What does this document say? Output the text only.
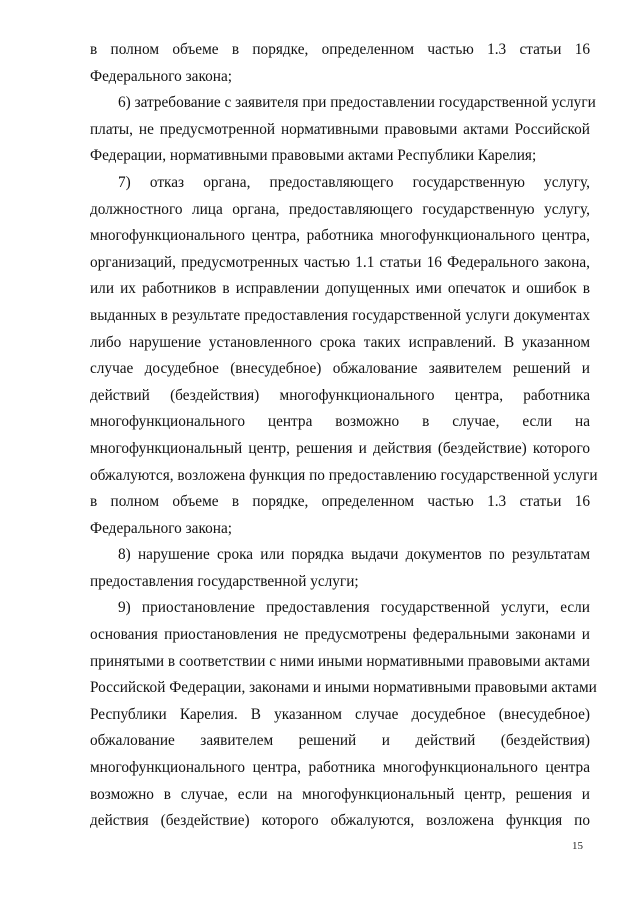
в полном объеме в порядке, определенном частью 1.3 статьи 16
Федерального закона;
6) затребование с заявителя при предоставлении государственной услуги
платы, не предусмотренной нормативными правовыми актами Российской
Федерации, нормативными правовыми актами Республики Карелия;
7) отказ органа, предоставляющего государственную услугу,
должностного лица органа, предоставляющего государственную услугу,
многофункционального центра, работника многофункционального центра,
организаций, предусмотренных частью 1.1 статьи 16 Федерального закона,
или их работников в исправлении допущенных ими опечаток и ошибок в
выданных в результате предоставления государственной услуги документах
либо нарушение установленного срока таких исправлений. В указанном
случае досудебное (внесудебное) обжалование заявителем решений и
действий (бездействия) многофункционального центра, работника
многофункционального центра возможно в случае, если на
многофункциональный центр, решения и действия (бездействие) которого
обжалуются, возложена функция по предоставлению государственной услуги
в полном объеме в порядке, определенном частью 1.3 статьи 16
Федерального закона;
8) нарушение срока или порядка выдачи документов по результатам
предоставления государственной услуги;
9) приостановление предоставления государственной услуги, если
основания приостановления не предусмотрены федеральными законами и
принятыми в соответствии с ними иными нормативными правовыми актами
Российской Федерации, законами и иными нормативными правовыми актами
Республики Карелия. В указанном случае досудебное (внесудебное)
обжалование заявителем решений и действий (бездействия)
многофункционального центра, работника многофункционального центра
возможно в случае, если на многофункциональный центр, решения и
действия (бездействие) которого обжалуются, возложена функция по
15
